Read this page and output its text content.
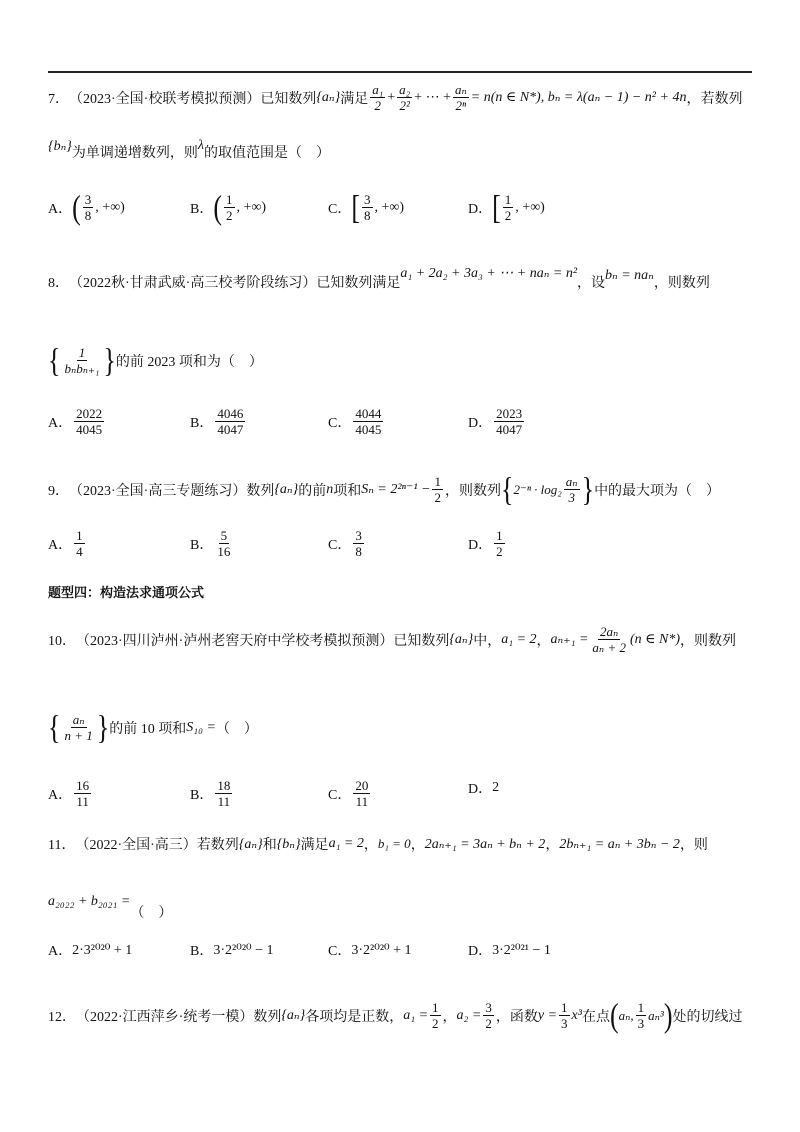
7． （2023·全国·校联考模拟预测）已知数列 {aₙ} 满足
a₁
2
+ a₂
2²
+ ⋯ + $\frac{\text{aₙ}}{\text{2ⁿ}} = n(n$ ∈ N*), bₙ = λ(aₙ − 1) − n² + 4n ，若数列
{bₙ} 为单调递增数列，则
λ
的取值范围是（　）
A． ( 3
8
, +∞)	B． ( 1
2
, +∞)	C． [ 3
8
, +∞)	D． [ 1
2
, +∞)
8． （2022秋·甘肃武威·高三校考阶段练习）已知数列满足
a₁ + 2a₂ + 3a₃ + ⋯ + naₙ = n²
，设
bₙ = naₙ
，则数列
{ 1
bₙbₙ₊₁ } 的前 2023 项和为（　）
A．
2022
4045	B．
4046
4047	C．
4044
4045	D．
2023
4047
9． （2023·全国·高三专题练习）数列 {aₙ} 的前 n 项和 $S_n = 2^{2n-1} - \frac{1}{2}$ ，则数列 { 2⁻ⁿ · log₂ aₙ
3 } 中的最大项为（　）
A．
1
4	B．
5
16	C．
3
8	D．
1
2
题型四：构造法求通项公式
10． （2023·四川泸州·泸州老窖天府中学校考模拟预测）已知数列 {aₙ} 中， a₁ = 2 ， $a_{n+1} = \frac{\text{2aₙ}}{\text{aₙ + 2}} (n$ ∈ N*) ，则数列
{ aₙ
n + 1 } 的前 10 项和 S₁₀ = （　）
A．
16
11	B．
18
11	C．
20
11
D． 2
11． （2022·全国·高三）若数列 {aₙ} 和 {bₙ} 满足 a₁ = 2 ， b₁ = 0 ， 2aₙ₊₁ = 3aₙ + bₙ + 2 ， 2bₙ₊₁ = aₙ + 3bₙ − 2 ，则
a₂₀₂₂ + b₂₀₂₁ =
（　）
A． 2·3²⁰²⁰ + 1	B． 3·2²⁰²⁰ − 1	C． 3·2²⁰²⁰ + 1	D． 3·2²⁰²¹ − 1
12． （2022·江西萍乡·统考一模）数列 {aₙ} 各项均是正数， $a_1 = \frac{1}{2}$ ， $a_2 = \frac{3}{2}$ ，函数 $y = \frac{1}{3} x^3$ 在点 ( aₙ, 1
3
aₙ³ ) 处的切线过
